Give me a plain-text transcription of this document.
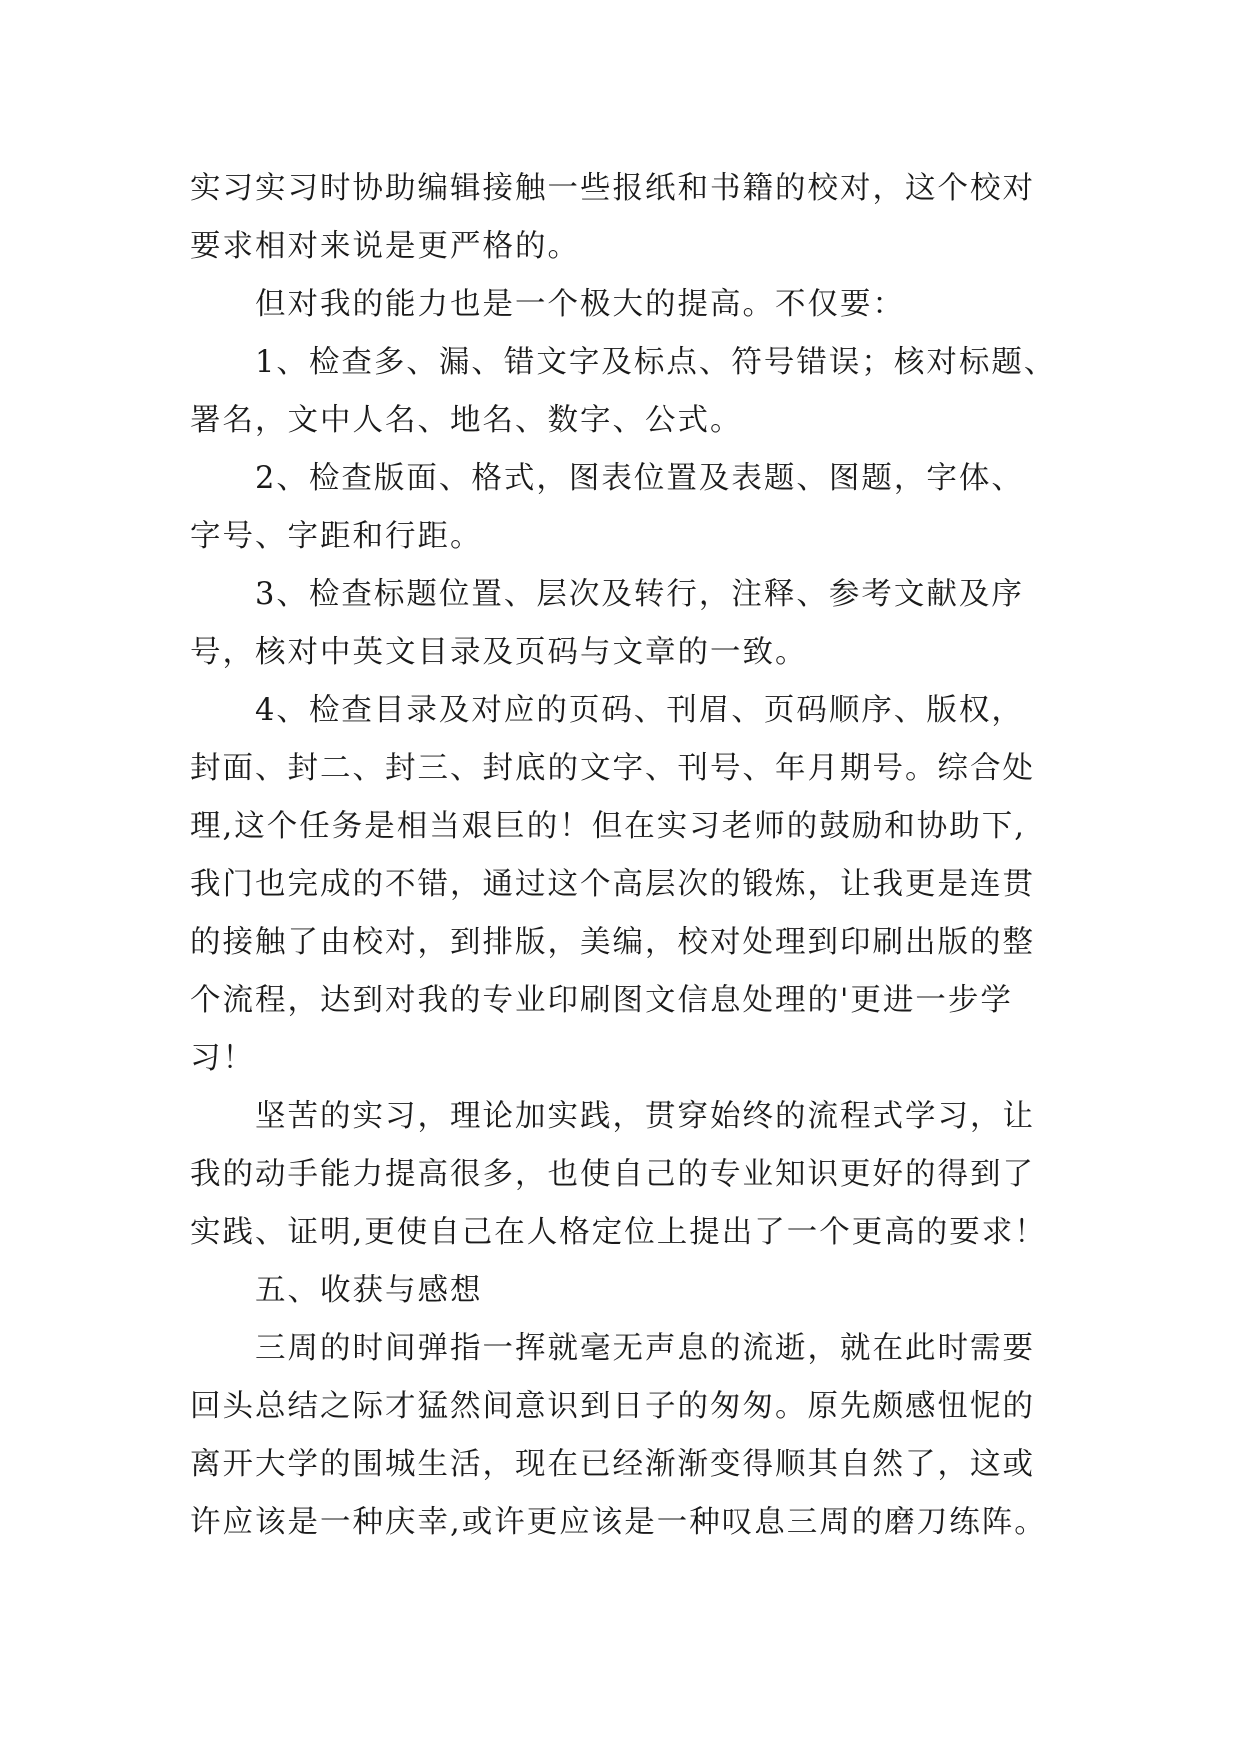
实习实习时协助编辑接触一些报纸和书籍的校对，这个校对
要求相对来说是更严格的。
　　但对我的能力也是一个极大的提高。不仅要：
　　1、检查多、漏、错文字及标点、符号错误；核对标题、
署名，文中人名、地名、数字、公式。
　　2、检查版面、格式，图表位置及表题、图题，字体、
字号、字距和行距。
　　3、检查标题位置、层次及转行，注释、参考文献及序
号，核对中英文目录及页码与文章的一致。
　　4、检查目录及对应的页码、刊眉、页码顺序、版权，
封面、封二、封三、封底的文字、刊号、年月期号。综合处
理,这个任务是相当艰巨的！但在实习老师的鼓励和协助下,
我门也完成的不错，通过这个高层次的锻炼，让我更是连贯
的接触了由校对，到排版，美编，校对处理到印刷出版的整
个流程，达到对我的专业印刷图文信息处理的'更进一步学
习！
　　坚苦的实习，理论加实践，贯穿始终的流程式学习，让
我的动手能力提高很多，也使自己的专业知识更好的得到了
实践、证明,更使自己在人格定位上提出了一个更高的要求！
　　五、收获与感想
　　三周的时间弹指一挥就毫无声息的流逝，就在此时需要
回头总结之际才猛然间意识到日子的匆匆。原先颇感忸怩的
离开大学的围城生活，现在已经渐渐变得顺其自然了，这或
许应该是一种庆幸,或许更应该是一种叹息三周的磨刀练阵。
